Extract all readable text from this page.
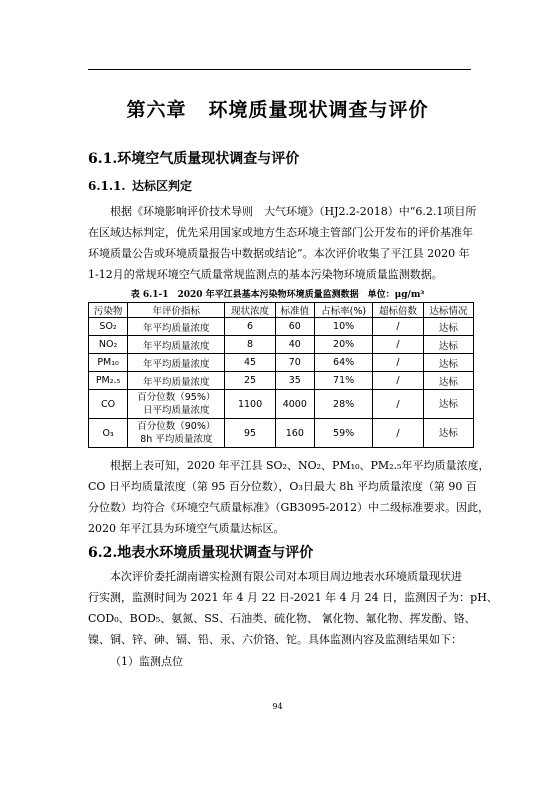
第六章 环境质量现状调查与评价
6.1.环境空气质量现状调查与评价
6.1.1. 达标区判定
根据《环境影响评价技术导则　大气环境》（HJ2.2-2018）中“6.2.1项目所
在区域达标判定，优先采用国家或地方生态环境主管部门公开发布的评价基准年
环境质量公告或环境质量报告中数据或结论”。本次评价收集了平江县 2020 年
1-12月的常规环境空气质量常规监测点的基本污染物环境质量监测数据。
表 6.1-1　2020 年平江县基本污染物环境质量监测数据　单位：μg/m³
污染物	年评价指标	现状浓度	标准值	占标率(%)	超标倍数	达标情况
SO₂	年平均质量浓度	6	60	10%	/	达标
NO₂	年平均质量浓度	8	40	20%	/	达标
PM₁₀	年平均质量浓度	45	70	64%	/	达标
PM₂.₅	年平均质量浓度	25	35	71%	/	达标
CO	百分位数（95%）
日平均质量浓度	1100	4000	28%	/	达标
O₃	百分位数（90%）
8h 平均质量浓度	95	160	59%	/	达标
根据上表可知，2020 年平江县 SO₂、NO₂、PM₁₀、PM₂.₅年平均质量浓度，
CO 日平均质量浓度（第 95 百分位数），O₃日最大 8h 平均质量浓度（第 90 百
分位数）均符合《环境空气质量标准》（GB3095-2012）中二级标准要求。因此，
2020 年平江县为环境空气质量达标区。
6.2.地表水环境质量现状调查与评价
本次评价委托湖南谱实检测有限公司对本项目周边地表水环境质量现状进
行实测，监测时间为 2021 年 4 月 22 日-2021 年 4 月 24 日，监测因子为：pH、
COD₀、BOD₅、氨氮、SS、石油类、硫化物、 氰化物、氟化物、挥发酚、铬、
镍、铜、锌、砷、镉、铅、汞、六价铬、铊。具体监测内容及监测结果如下：
（1）监测点位
94
